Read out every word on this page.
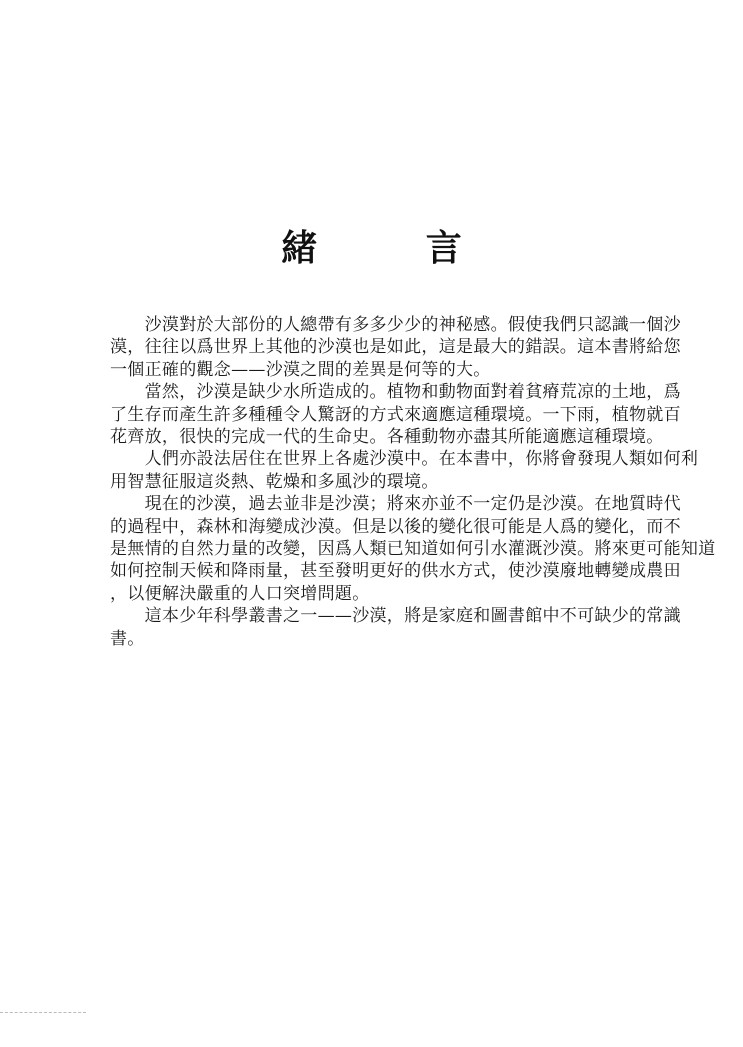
緒 言
　　沙漠對於大部份的人總帶有多多少少的神秘感。假使我們只認識一個沙
漠，往往以爲世界上其他的沙漠也是如此，這是最大的錯誤。這本書將給您
一個正確的觀念——沙漠之間的差異是何等的大。
　　當然，沙漠是缺少水所造成的。植物和動物面對着貧瘠荒凉的土地，爲
了生存而產生許多種種令人驚訝的方式來適應這種環境。一下雨，植物就百
花齊放，很快的完成一代的生命史。各種動物亦盡其所能適應這種環境。
　　人們亦設法居住在世界上各處沙漠中。在本書中，你將會發現人類如何利
用智慧征服這炎熱、乾燥和多風沙的環境。
　　現在的沙漠，過去並非是沙漠；將來亦並不一定仍是沙漠。在地質時代
的過程中，森林和海變成沙漠。但是以後的變化很可能是人爲的變化，而不
是無情的自然力量的改變，因爲人類已知道如何引水灌溉沙漠。將來更可能知道
如何控制天候和降雨量，甚至發明更好的供水方式，使沙漠廢地轉變成農田
，以便解決嚴重的人口突增問題。
　　這本少年科學叢書之一——沙漠，將是家庭和圖書館中不可缺少的常識
書。
